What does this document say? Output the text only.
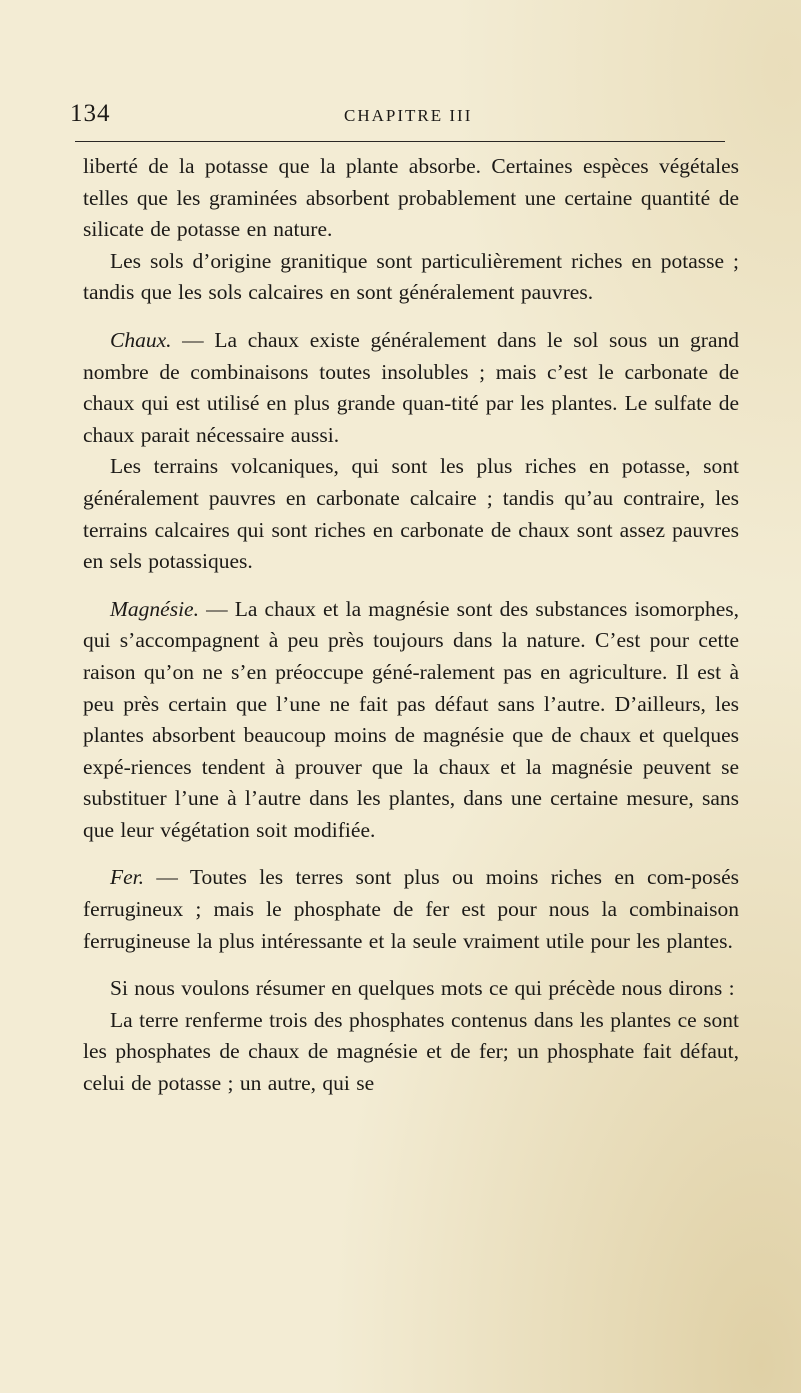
134	CHAPITRE III

liberté de la potasse que la plante absorbe. Certaines espèces végétales telles que les graminées absorbent probablement une certaine quantité de silicate de potasse en nature.

Les sols d’origine granitique sont particulièrement riches en potasse ; tandis que les sols calcaires en sont généralement pauvres.

Chaux. — La chaux existe généralement dans le sol sous un grand nombre de combinaisons toutes insolubles ; mais c’est le carbonate de chaux qui est utilisé en plus grande quan-tité par les plantes. Le sulfate de chaux parait nécessaire aussi.

Les terrains volcaniques, qui sont les plus riches en potasse, sont généralement pauvres en carbonate calcaire ; tandis qu’au contraire, les terrains calcaires qui sont riches en carbonate de chaux sont assez pauvres en sels potassiques.

Magnésie. — La chaux et la magnésie sont des substances isomorphes, qui s’accompagnent à peu près toujours dans la nature. C’est pour cette raison qu’on ne s’en préoccupe géné-ralement pas en agriculture. Il est à peu près certain que l’une ne fait pas défaut sans l’autre. D’ailleurs, les plantes absorbent beaucoup moins de magnésie que de chaux et quelques expé-riences tendent à prouver que la chaux et la magnésie peuvent se substituer l’une à l’autre dans les plantes, dans une certaine mesure, sans que leur végétation soit modifiée.

Fer. — Toutes les terres sont plus ou moins riches en com-posés ferrugineux ; mais le phosphate de fer est pour nous la combinaison ferrugineuse la plus intéressante et la seule vraiment utile pour les plantes.

Si nous voulons résumer en quelques mots ce qui précède nous dirons :

La terre renferme trois des phosphates contenus dans les plantes ce sont les phosphates de chaux de magnésie et de fer; un phosphate fait défaut, celui de potasse ; un autre, qui se
